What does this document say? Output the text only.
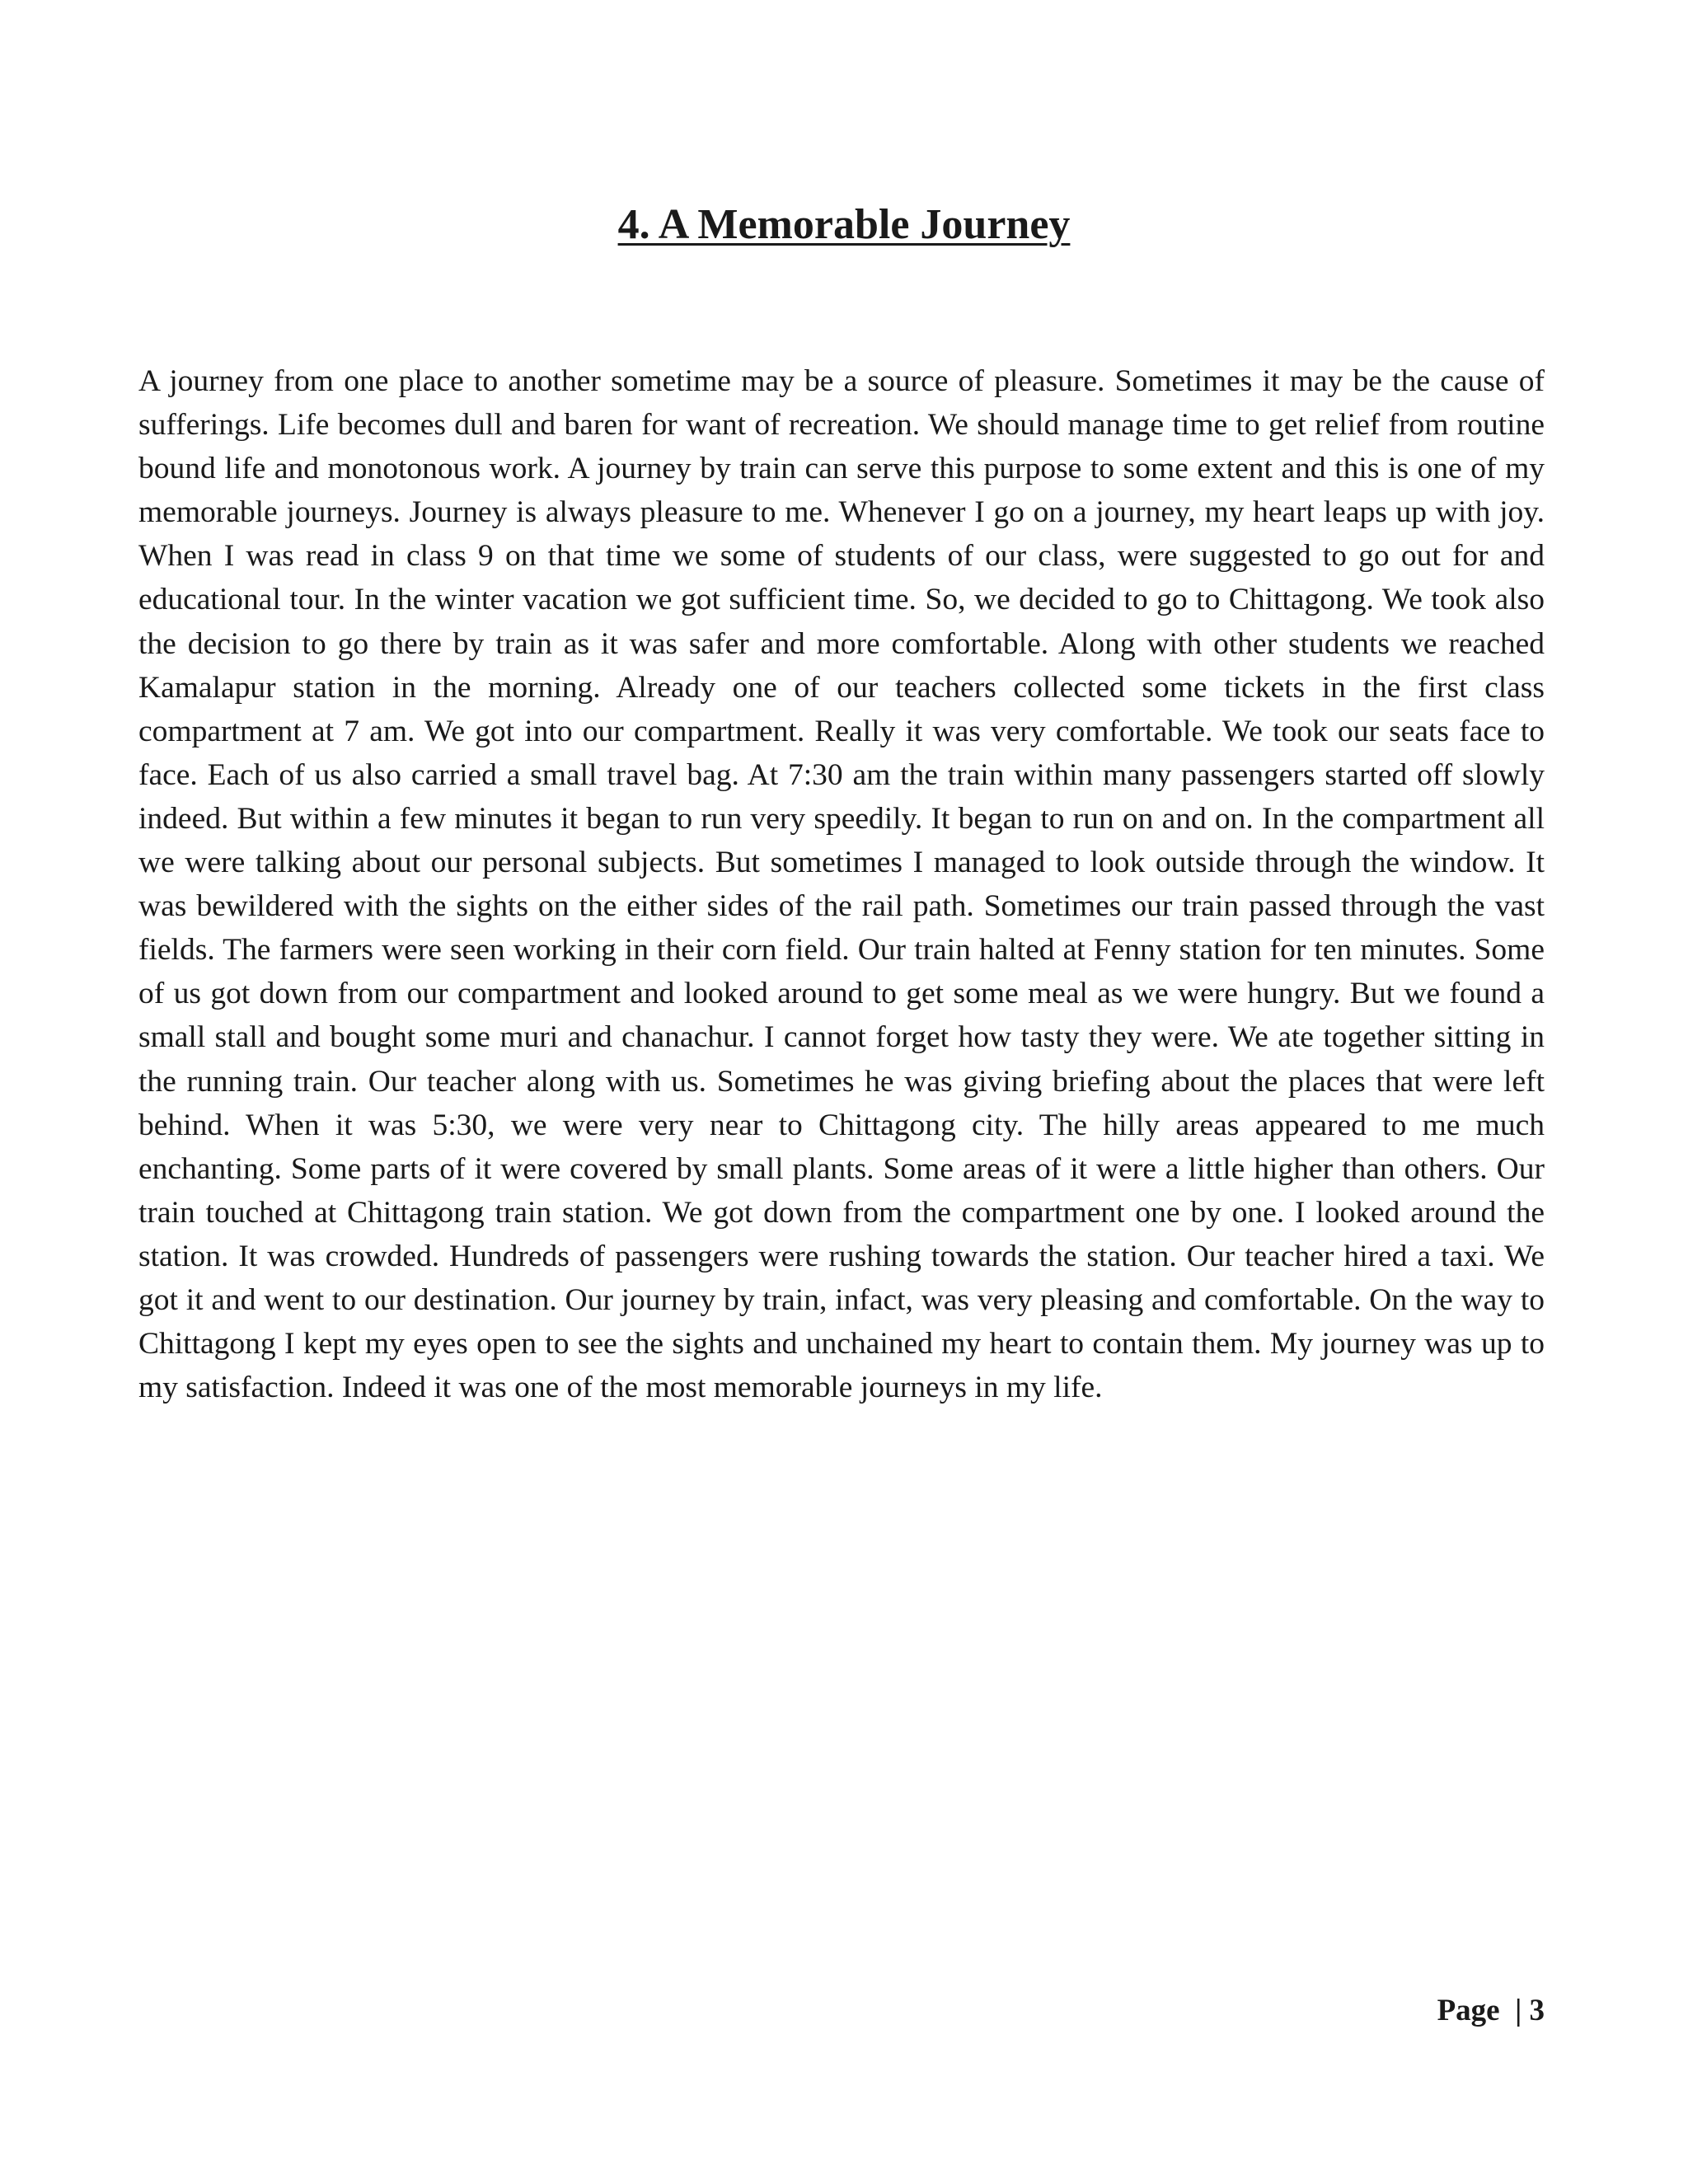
4. A Memorable Journey

A journey from one place to another sometime may be a source of pleasure. Sometimes it may be the cause of sufferings. Life becomes dull and baren for want of recreation. We should manage time to get relief from routine bound life and monotonous work. A journey by train can serve this purpose to some extent and this is one of my memorable journeys. Journey is always pleasure to me. Whenever I go on a journey, my heart leaps up with joy. When I was read in class 9 on that time we some of students of our class, were suggested to go out for and educational tour. In the winter vacation we got sufficient time. So, we decided to go to Chittagong. We took also the decision to go there by train as it was safer and more comfortable. Along with other students we reached Kamalapur station in the morning. Already one of our teachers collected some tickets in the first class compartment at 7 am. We got into our compartment. Really it was very comfortable. We took our seats face to face. Each of us also carried a small travel bag. At 7:30 am the train within many passengers started off slowly indeed. But within a few minutes it began to run very speedily. It began to run on and on. In the compartment all we were talking about our personal subjects. But sometimes I managed to look outside through the window. It was bewildered with the sights on the either sides of the rail path. Sometimes our train passed through the vast fields. The farmers were seen working in their corn field. Our train halted at Fenny station for ten minutes. Some of us got down from our compartment and looked around to get some meal as we were hungry. But we found a small stall and bought some muri and chanachur. I cannot forget how tasty they were. We ate together sitting in the running train. Our teacher along with us. Sometimes he was giving briefing about the places that were left behind. When it was 5:30, we were very near to Chittagong city. The hilly areas appeared to me much enchanting. Some parts of it were covered by small plants. Some areas of it were a little higher than others. Our train touched at Chittagong train station. We got down from the compartment one by one. I looked around the station. It was crowded. Hundreds of passengers were rushing towards the station. Our teacher hired a taxi. We got it and went to our destination. Our journey by train, infact, was very pleasing and comfortable. On the way to Chittagong I kept my eyes open to see the sights and unchained my heart to contain them. My journey was up to my satisfaction. Indeed it was one of the most memorable journeys in my life.

Page  | 3
